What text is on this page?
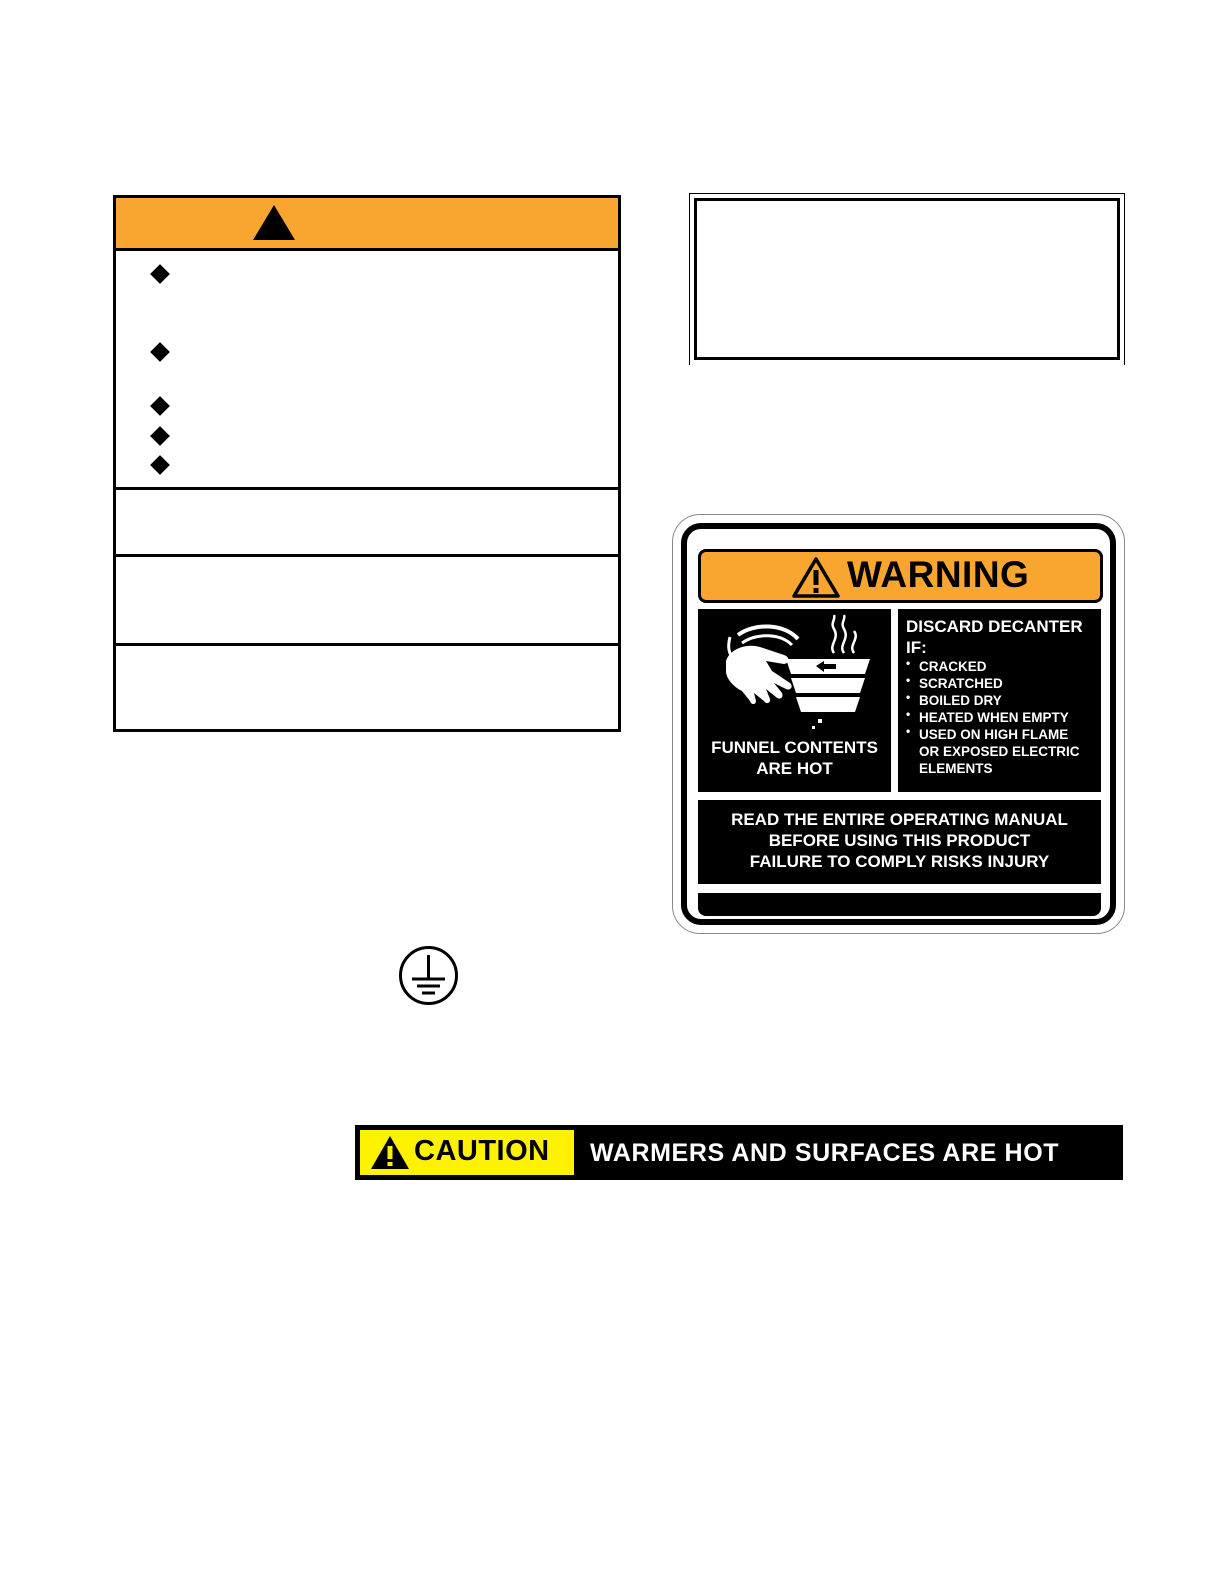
WARNING
FUNNEL CONTENTS
ARE HOT
DISCARD DECANTER
IF:
• CRACKED
• SCRATCHED
• BOILED DRY
• HEATED WHEN EMPTY
• USED ON HIGH FLAME
OR EXPOSED ELECTRIC
ELEMENTS
READ THE ENTIRE OPERATING MANUAL
BEFORE USING THIS PRODUCT
FAILURE TO COMPLY RISKS INJURY
CAUTION WARMERS AND SURFACES ARE HOT
